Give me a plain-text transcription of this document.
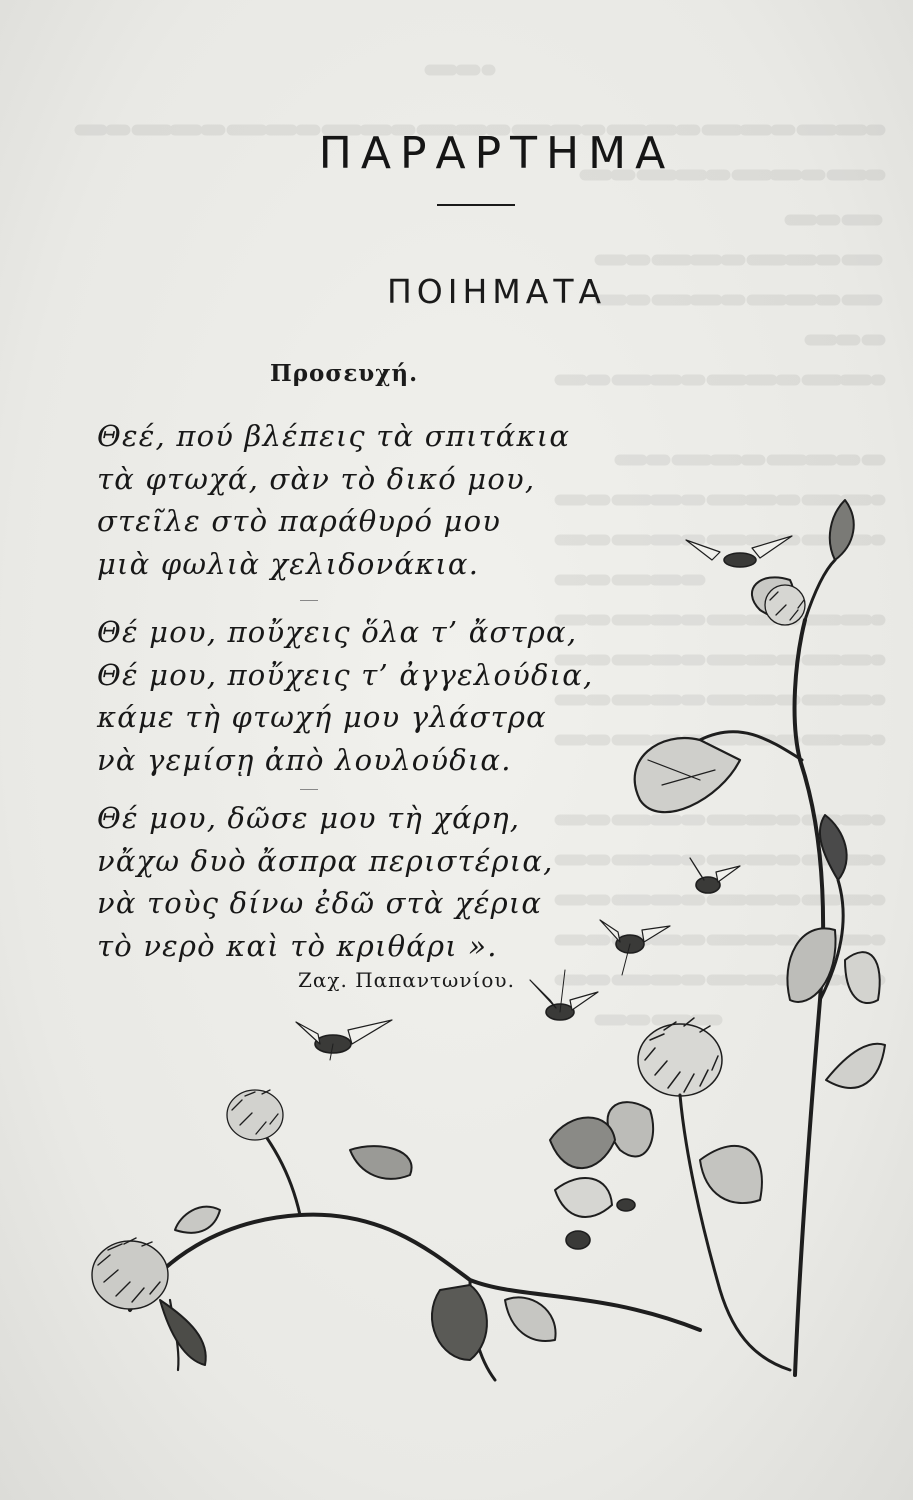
ΠΑΡΑΡΤΗΜΑ
ΠΟΙΗΜΑΤΑ
Προσευχή.
Θεέ, πού βλέπεις τὰ σπιτάκια
τὰ φτωχά, σὰν τὸ δικό μου,
στεῖλε στὸ παράθυρό μου
μιὰ φωλιὰ χελιδονάκια.
Θέ μου, πoὔχεις ὅλα τ’ ἄστρα,
Θέ μου, πoὔχεις τ’ ἀγγελούδια,
κάμε τὴ φτωχή μου γλάστρα
νὰ γεμίσῃ ἀπὸ λουλούδια.
Θέ μου, δῶσε μου τὴ χάρη,
νἄχω δυὸ ἄσπρα περιστέρια,
νὰ τοὺς δίνω ἐδῶ στὰ χέρια
τὸ νερὸ καὶ τὸ κριθάρι ».
Ζαχ. Παπαντωνίου.
